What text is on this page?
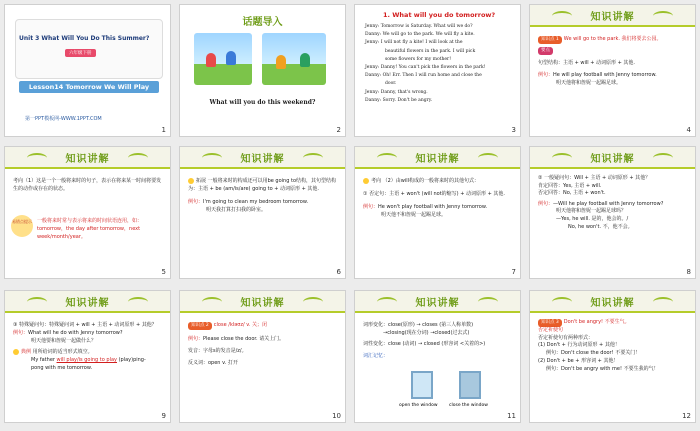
Unit 3 What Will You Do This Summer?
六年级下册
Lesson14 Tomorrow We Will Play
第一PPT模板网-WWW.1PPT.COM
1
话题导入
What will you do this weekend?
2
1. What will you do tomorrow?
Jenny: Tomorrow is Saturday. What will we do?
Danny: We will go to the park. We will fly a kite.
Jenny: I will not fly a kite! I will look at the
beautiful flowers in the park. I will pick
some flowers for my mother!
Jenny: Danny! You can't pick the flowers in the park!
Danny: Oh! Err. Then I will run home and close the
door.
Jenny: Danny, that's wrong.
Danny: Sorry. Don't be angry.
3
知识讲解
知识点 1 We will go to the park. 我们将要去公园。
要点
句型结构：主语 + will + 动词原形 + 其他.
例句：He will play football with Jenny tomorrow.
明天他将和詹妮一起踢足球。
4
知识讲解
考向（1）这是一个一般将来时的句子，表示在将来某一时间将要发生的动作或存在的状态。
易错点提示 一般将来时常与表示将来的时间状语连用，如：tomorrow，the day after tomorrow，next week/month/year。
5
知识讲解
拓展 一般将来时的构成还可以用be going to结构，其句型结构为：主语 + be (am/is/are) going to + 动词原形 + 其他.
例句：I'm going to clean my bedroom tomorrow.
明天我打算打扫我的卧室。
6
知识讲解
考向 （2）由will构成的一般将来时的其他句式：
① 否定句：主语 + won't (will not的缩写) + 动词原形 + 其他.
例句：He won't play football with Jenny tomorrow.
明天他不和詹妮一起踢足球。
7
知识讲解
② 一般疑问句：Will + 主语 + 动词原形 + 其他？
肯定回答：Yes, 主语 + will.
否定回答：No, 主语 + won't.
例句：—Will he play football with Jenny tomorrow?
明天他将和詹妮一起踢足球吗？
—Yes, he will. 是的，他会的。/
No, he won't. 不，他不会。
8
知识讲解
③ 特殊疑问句：特殊疑问词 + will + 主语 + 动词原形 + 其他？
例句：What will he do with Jenny tomorrow?
明天他要和詹妮一起做什么？
典例 用所给词的适当形式填空。
My father will play/is going to play (play)ping-
pong with me tomorrow.
9
知识讲解
知识点 2 close /kləʊz/ v. 关；闭
例句：Please close the door. 请关上门。
发音：字母s的发音是/z/。
反义词：open v. 打开
10
知识讲解
词形变化：close(原形) → closes (第三人称单数)
→closing(现在分词) →closed(过去式)
词性变化：close (动词) → closed (形容词 <关着的>)
词汇记忆：
open the window	close the window
11
知识讲解
知识点 3 Don't be angry! 不要生气。
否定祈使句
否定祈使句有两种形式：
(1) Don't + 行为动词原形 + 其他！
例句：Don't close the door! 不要关门！
(2) Don't + be + 形容词 + 其他！
例句：Don't be angry with me! 不要生我的气！
12
